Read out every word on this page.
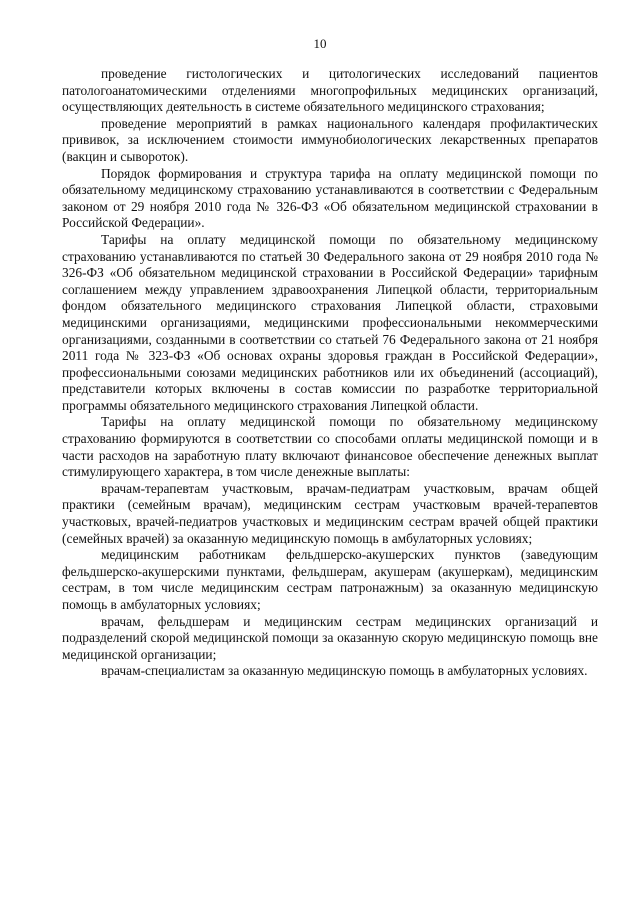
10

проведение гистологических и цитологических исследований пациентов патологоанатомическими отделениями многопрофильных медицинских организаций, осуществляющих деятельность в системе обязательного медицинского страхования;

проведение мероприятий в рамках национального календаря профилактических прививок, за исключением стоимости иммунобиологических лекарственных препаратов (вакцин и сывороток).

Порядок формирования и структура тарифа на оплату медицинской помощи по обязательному медицинскому страхованию устанавливаются в соответствии с Федеральным законом от 29 ноября 2010 года № 326-ФЗ «Об обязательном медицинской страховании в Российской Федерации».

Тарифы на оплату медицинской помощи по обязательному медицинскому страхованию устанавливаются по статьей 30 Федерального закона от 29 ноября 2010 года № 326-ФЗ «Об обязательном медицинской страховании в Российской Федерации» тарифным соглашением между управлением здравоохранения Липецкой области, территориальным фондом обязательного медицинского страхования Липецкой области, страховыми медицинскими организациями, медицинскими профессиональными некоммерческими организациями, созданными в соответствии со статьей 76 Федерального закона от 21 ноября 2011 года № 323-ФЗ «Об основах охраны здоровья граждан в Российской Федерации», профессиональными союзами медицинских работников или их объединений (ассоциаций), представители которых включены в состав комиссии по разработке территориальной программы обязательного медицинского страхования Липецкой области.

Тарифы на оплату медицинской помощи по обязательному медицинскому страхованию формируются в соответствии со способами оплаты медицинской помощи и в части расходов на заработную плату включают финансовое обеспечение денежных выплат стимулирующего характера, в том числе денежные выплаты:

врачам-терапевтам участковым, врачам-педиатрам участковым, врачам общей практики (семейным врачам), медицинским сестрам участковым врачей-терапевтов участковых, врачей-педиатров участковых и медицинским сестрам врачей общей практики (семейных врачей) за оказанную медицинскую помощь в амбулаторных условиях;

медицинским работникам фельдшерско-акушерских пунктов (заведующим фельдшерско-акушерскими пунктами, фельдшерам, акушерам (акушеркам), медицинским сестрам, в том числе медицинским сестрам патронажным) за оказанную медицинскую помощь в амбулаторных условиях;

врачам, фельдшерам и медицинским сестрам медицинских организаций и подразделений скорой медицинской помощи за оказанную скорую медицинскую помощь вне медицинской организации;

врачам-специалистам за оказанную медицинскую помощь в амбулаторных условиях.
